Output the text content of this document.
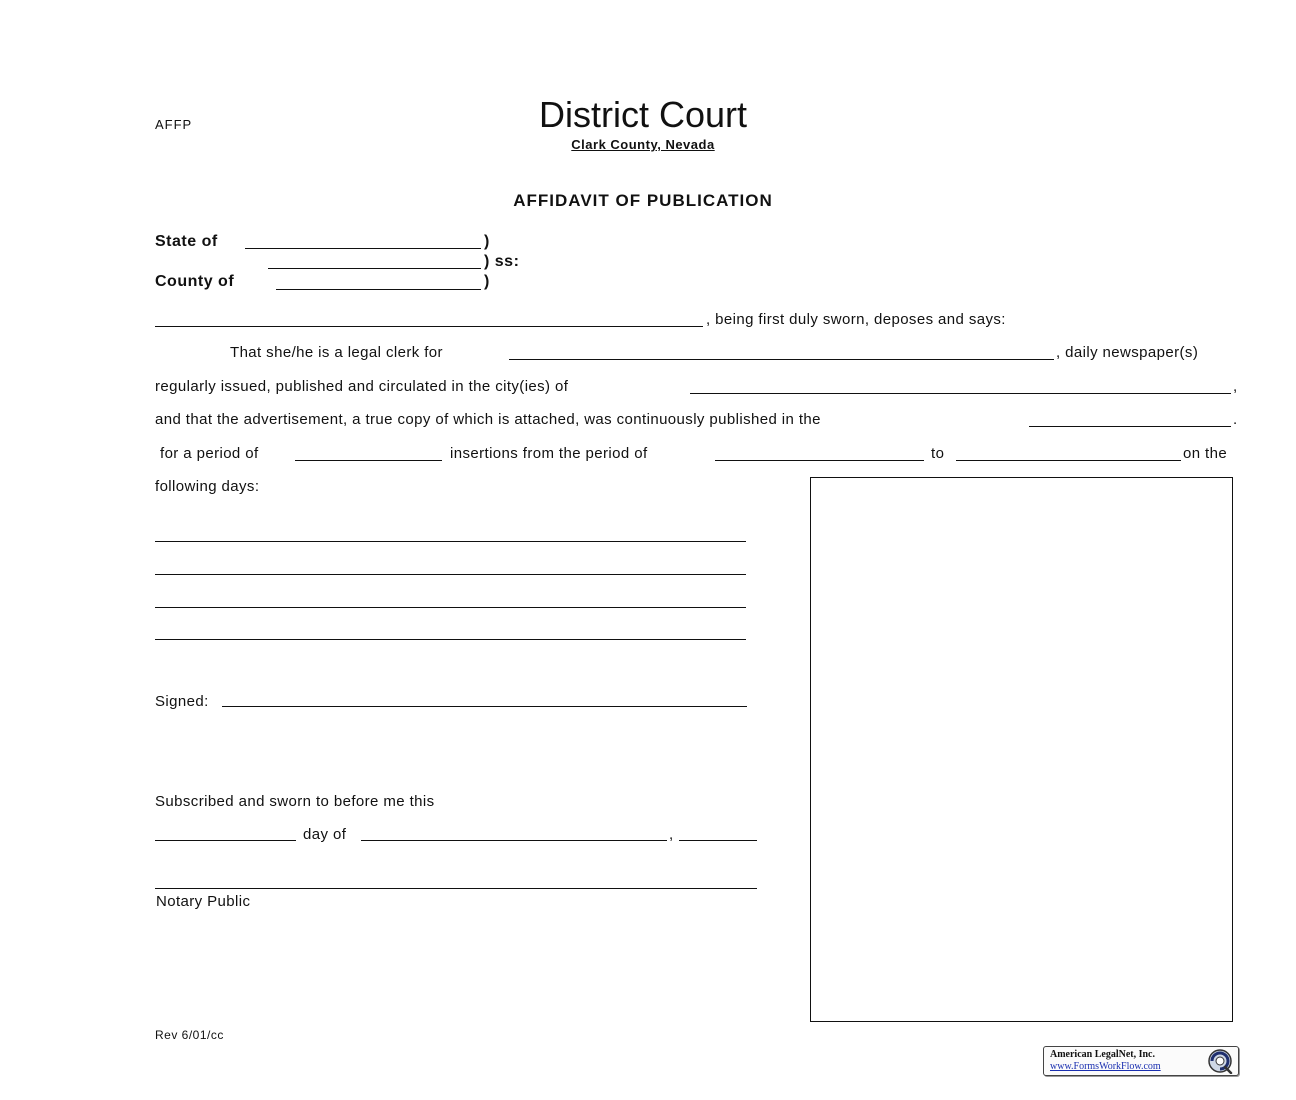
AFFP	District Court
Clark County, Nevada
AFFIDAVIT OF PUBLICATION
State of	)
) ss:
County of	)
, being first duly sworn, deposes and says:
That she/he is a legal clerk for	, daily newspaper(s)
regularly issued, published and circulated in the city(ies) of	,
and that the advertisement, a true copy of which is attached, was continuously published in the	.
for a period of	insertions from the period of	to	on the
following days:
Signed:
Subscribed and sworn to before me this
day of	,
Notary Public
Rev 6/01/cc
American LegalNet, Inc.
www.FormsWorkFlow.com
